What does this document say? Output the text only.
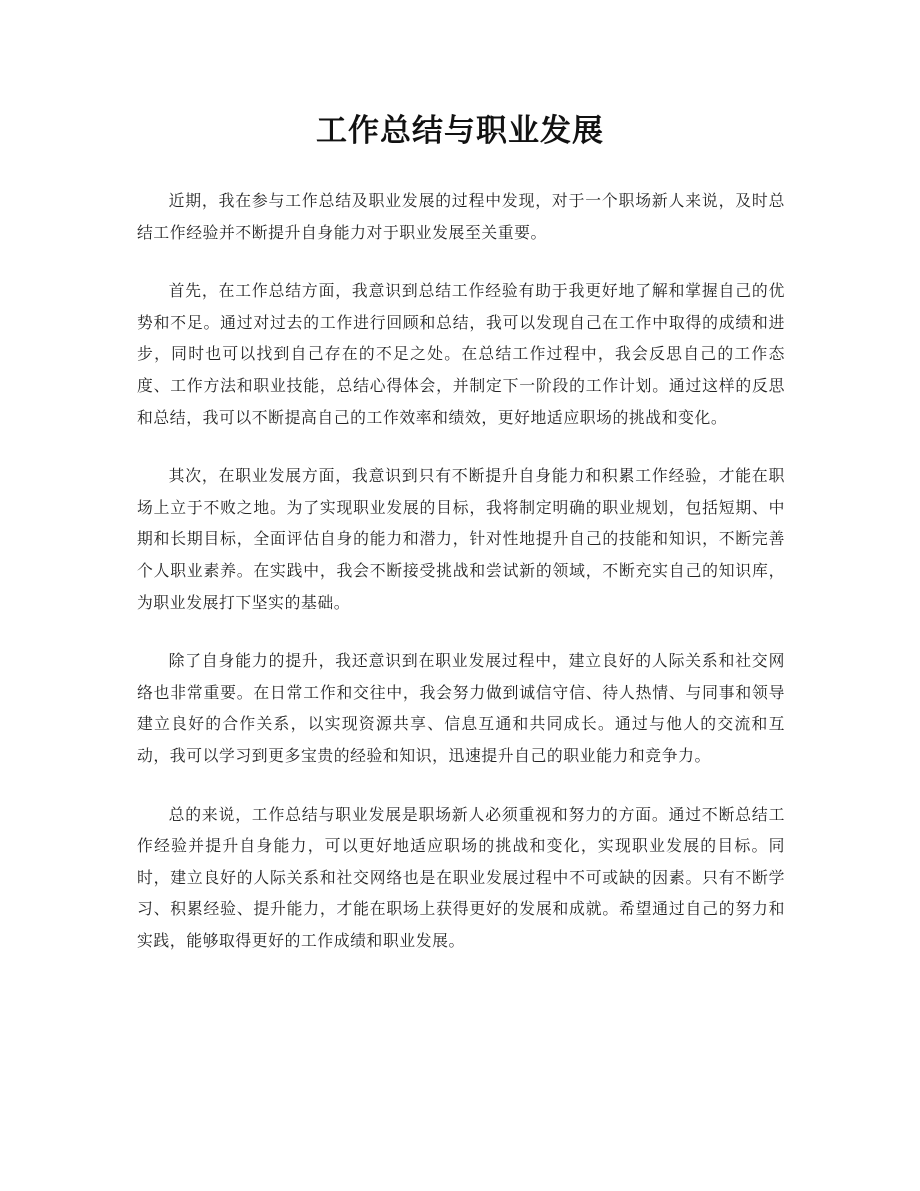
工作总结与职业发展

近期，我在参与工作总结及职业发展的过程中发现，对于一个职场新人来说，及时总结工作经验并不断提升自身能力对于职业发展至关重要。

首先，在工作总结方面，我意识到总结工作经验有助于我更好地了解和掌握自己的优势和不足。通过对过去的工作进行回顾和总结，我可以发现自己在工作中取得的成绩和进步，同时也可以找到自己存在的不足之处。在总结工作过程中，我会反思自己的工作态度、工作方法和职业技能，总结心得体会，并制定下一阶段的工作计划。通过这样的反思和总结，我可以不断提高自己的工作效率和绩效，更好地适应职场的挑战和变化。

其次，在职业发展方面，我意识到只有不断提升自身能力和积累工作经验，才能在职场上立于不败之地。为了实现职业发展的目标，我将制定明确的职业规划，包括短期、中期和长期目标，全面评估自身的能力和潜力，针对性地提升自己的技能和知识，不断完善个人职业素养。在实践中，我会不断接受挑战和尝试新的领域，不断充实自己的知识库，为职业发展打下坚实的基础。

除了自身能力的提升，我还意识到在职业发展过程中，建立良好的人际关系和社交网络也非常重要。在日常工作和交往中，我会努力做到诚信守信、待人热情、与同事和领导建立良好的合作关系，以实现资源共享、信息互通和共同成长。通过与他人的交流和互动，我可以学习到更多宝贵的经验和知识，迅速提升自己的职业能力和竞争力。

总的来说，工作总结与职业发展是职场新人必须重视和努力的方面。通过不断总结工作经验并提升自身能力，可以更好地适应职场的挑战和变化，实现职业发展的目标。同时，建立良好的人际关系和社交网络也是在职业发展过程中不可或缺的因素。只有不断学习、积累经验、提升能力，才能在职场上获得更好的发展和成就。希望通过自己的努力和实践，能够取得更好的工作成绩和职业发展。
